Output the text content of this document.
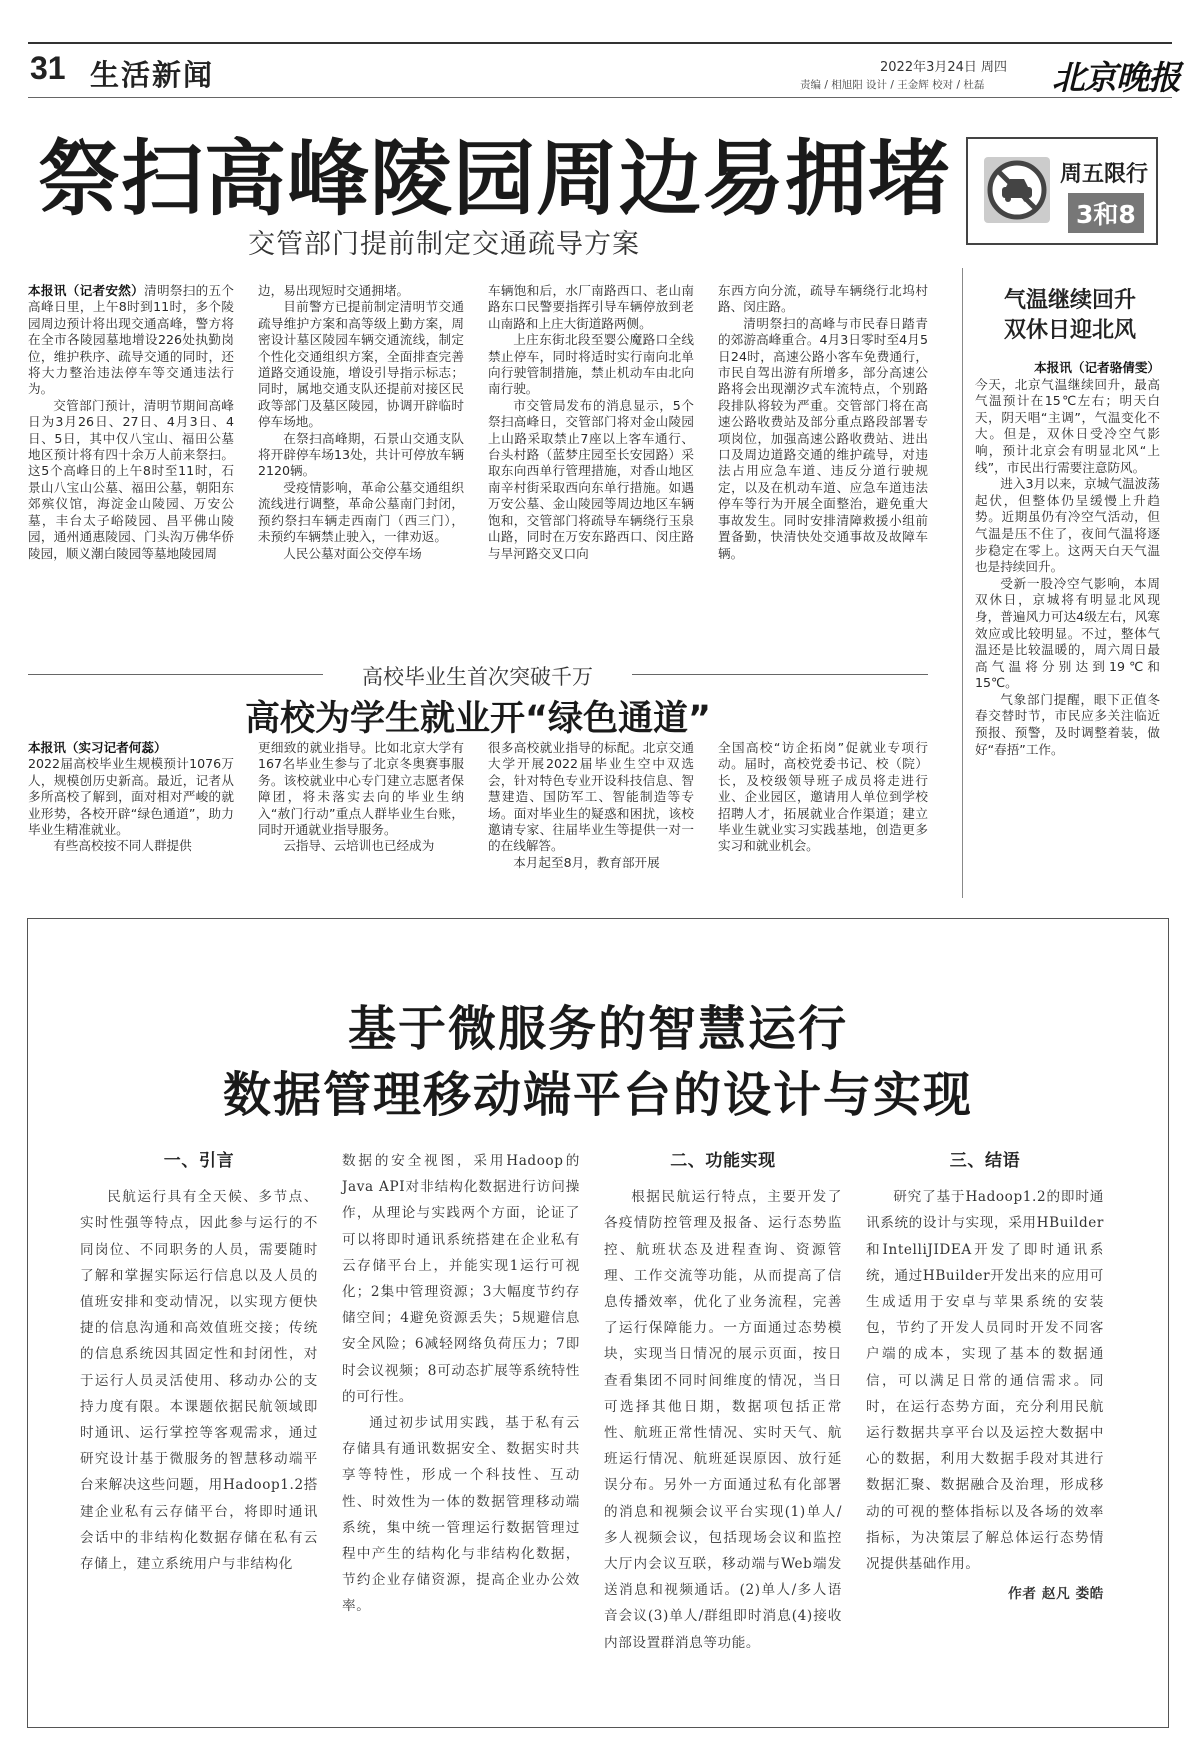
31 生活新闻	2022年3月24日 周四
责编 / 相旭阳 设计 / 王金辉 校对 / 杜磊 北京晚报
周五限行
3和8
祭扫高峰陵园周边易拥堵
交管部门提前制定交通疏导方案

本报讯（记者安然）清明祭扫的五个高峰日里，上午8时到11时，多个陵园周边预计将出现交通高峰，警方将在全市各陵园墓地增设226处执勤岗位，维护秩序、疏导交通的同时，还将大力整治违法停车等交通违法行为。

交管部门预计，清明节期间高峰日为3月26日、27日、4月3日、4日、5日，其中仅八宝山、福田公墓地区预计将有四十余万人前来祭扫。这5个高峰日的上午8时至11时，石景山八宝山公墓、福田公墓，朝阳东郊殡仪馆，海淀金山陵园、万安公墓，丰台太子峪陵园、昌平佛山陵园，通州通惠陵园、门头沟万佛华侨陵园，顺义潮白陵园等墓地陵园周

边，易出现短时交通拥堵。

目前警方已提前制定清明节交通疏导维护方案和高等级上勤方案，周密设计墓区陵园车辆交通流线，制定个性化交通组织方案，全面排查完善道路交通设施，增设引导指示标志；同时，属地交通支队还提前对接区民政等部门及墓区陵园，协调开辟临时停车场地。

在祭扫高峰期，石景山交通支队将开辟停车场13处，共计可停放车辆2120辆。

受疫情影响，革命公墓交通组织流线进行调整，革命公墓南门封闭，预约祭扫车辆走西南门（西三门），未预约车辆禁止驶入，一律劝返。

人民公墓对面公交停车场

车辆饱和后，水厂南路西口、老山南路东口民警要指挥引导车辆停放到老山南路和上庄大街道路两侧。

上庄东街北段至婴公魔路口全线禁止停车，同时将适时实行南向北单向行驶管制措施，禁止机动车由北向南行驶。

市交管局发布的消息显示，5个祭扫高峰日，交管部门将对金山陵园上山路采取禁止7座以上客车通行、台头村路（蓝梦庄园至长安园路）采取东向西单行管理措施，对香山地区南辛村街采取西向东单行措施。如遇万安公墓、金山陵园等周边地区车辆饱和，交管部门将疏导车辆绕行玉泉山路，同时在万安东路西口、闵庄路与旱河路交叉口向

东西方向分流，疏导车辆绕行北坞村路、闵庄路。

清明祭扫的高峰与市民春日踏青的郊游高峰重合。4月3日零时至4月5日24时，高速公路小客车免费通行，市民自驾出游有所增多，部分高速公路将会出现潮汐式车流特点，个别路段排队将较为严重。交管部门将在高速公路收费站及部分重点路段部署专项岗位，加强高速公路收费站、进出口及周边道路交通的维护疏导，对违法占用应急车道、违反分道行驶规定，以及在机动车道、应急车道违法停车等行为开展全面整治，避免重大事故发生。同时安排清障救援小组前置备勤，快清快处交通事故及故障车辆。

气温继续回升
双休日迎北风

本报讯（记者骆倩雯）

今天，北京气温继续回升，最高气温预计在15℃左右；明天白天，阴天唱“主调”，气温变化不大。但是，双休日受冷空气影响，预计北京会有明显北风“上线”，市民出行需要注意防风。

进入3月以来，京城气温波荡起伏，但整体仍呈缓慢上升趋势。近期虽仍有冷空气活动，但气温是压不住了，夜间气温将逐步稳定在零上。这两天白天气温也是持续回升。

受新一股冷空气影响，本周双休日，京城将有明显北风现身，普遍风力可达4级左右，风寒效应或比较明显。不过，整体气温还是比较温暖的，周六周日最高气温将分别达到19℃和15℃。

气象部门提醒，眼下正值冬春交替时节，市民应多关注临近预报、预警，及时调整着装，做好“春捂”工作。

高校毕业生首次突破千万
高校为学生就业开“绿色通道”

本报讯（实习记者何蕊）

2022届高校毕业生规模预计1076万人，规模创历史新高。最近，记者从多所高校了解到，面对相对严峻的就业形势，各校开辟“绿色通道”，助力毕业生精准就业。

有些高校按不同人群提供

更细致的就业指导。比如北京大学有167名毕业生参与了北京冬奥赛事服务。该校就业中心专门建立志愿者保障团，将未落实去向的毕业生纳入“赦门行动”重点人群毕业生台账，同时开通就业指导服务。

云指导、云培训也已经成为

很多高校就业指导的标配。北京交通大学开展2022届毕业生空中双选会，针对特色专业开设科技信息、智慧建造、国防军工、智能制造等专场。面对毕业生的疑惑和困扰，该校邀请专家、往届毕业生等提供一对一的在线解答。

本月起至8月，教育部开展

全国高校“访企拓岗”促就业专项行动。届时，高校党委书记、校（院）长，及校级领导班子成员将走进行业、企业园区，邀请用人单位到学校招聘人才，拓展就业合作渠道；建立毕业生就业实习实践基地，创造更多实习和就业机会。

基于微服务的智慧运行
数据管理移动端平台的设计与实现
一、引言

民航运行具有全天候、多节点、实时性强等特点，因此参与运行的不同岗位、不同职务的人员，需要随时了解和掌握实际运行信息以及人员的值班安排和变动情况，以实现方便快捷的信息沟通和高效值班交接；传统的信息系统因其固定性和封闭性，对于运行人员灵活使用、移动办公的支持力度有限。本课题依据民航领域即时通讯、运行掌控等客观需求，通过研究设计基于微服务的智慧移动端平台来解决这些问题，用Hadoop1.2搭建企业私有云存储平台，将即时通讯会话中的非结构化数据存储在私有云存储上，建立系统用户与非结构化

数据的安全视图，采用Hadoop的Java API对非结构化数据进行访问操作，从理论与实践两个方面，论证了可以将即时通讯系统搭建在企业私有云存储平台上，并能实现1运行可视化；2集中管理资源；3大幅度节约存储空间；4避免资源丢失；5规避信息安全风险；6减轻网络负荷压力；7即时会议视频；8可动态扩展等系统特性的可行性。

通过初步试用实践，基于私有云存储具有通讯数据安全、数据实时共享等特性，形成一个科技性、互动性、时效性为一体的数据管理移动端系统，集中统一管理运行数据管理过程中产生的结构化与非结构化数据，节约企业存储资源，提高企业办公效率。

二、功能实现

根据民航运行特点，主要开发了各疫情防控管理及报备、运行态势监控、航班状态及进程查询、资源管理、工作交流等功能，从而提高了信息传播效率，优化了业务流程，完善了运行保障能力。一方面通过态势模块，实现当日情况的展示页面，按日查看集团不同时间维度的情况，当日可选择其他日期，数据项包括正常性、航班正常性情况、实时天气、航班运行情况、航班延误原因、放行延误分布。另外一方面通过私有化部署的消息和视频会议平台实现(1)单人/多人视频会议，包括现场会议和监控大厅内会议互联，移动端与Web端发送消息和视频通话。(2)单人/多人语音会议(3)单人/群组即时消息(4)接收内部设置群消息等功能。

三、结语

研究了基于Hadoop1.2的即时通讯系统的设计与实现，采用HBuilder和IntelliJIDEA开发了即时通讯系统，通过HBuilder开发出来的应用可生成适用于安卓与苹果系统的安装包，节约了开发人员同时开发不同客户端的成本，实现了基本的数据通信，可以满足日常的通信需求。同时，在运行态势方面，充分利用民航运行数据共享平台以及运控大数据中心的数据，利用大数据手段对其进行数据汇聚、数据融合及治理，形成移动的可视的整体指标以及各场的效率指标，为决策层了解总体运行态势情况提供基础作用。

作者 赵凡 娄皓
